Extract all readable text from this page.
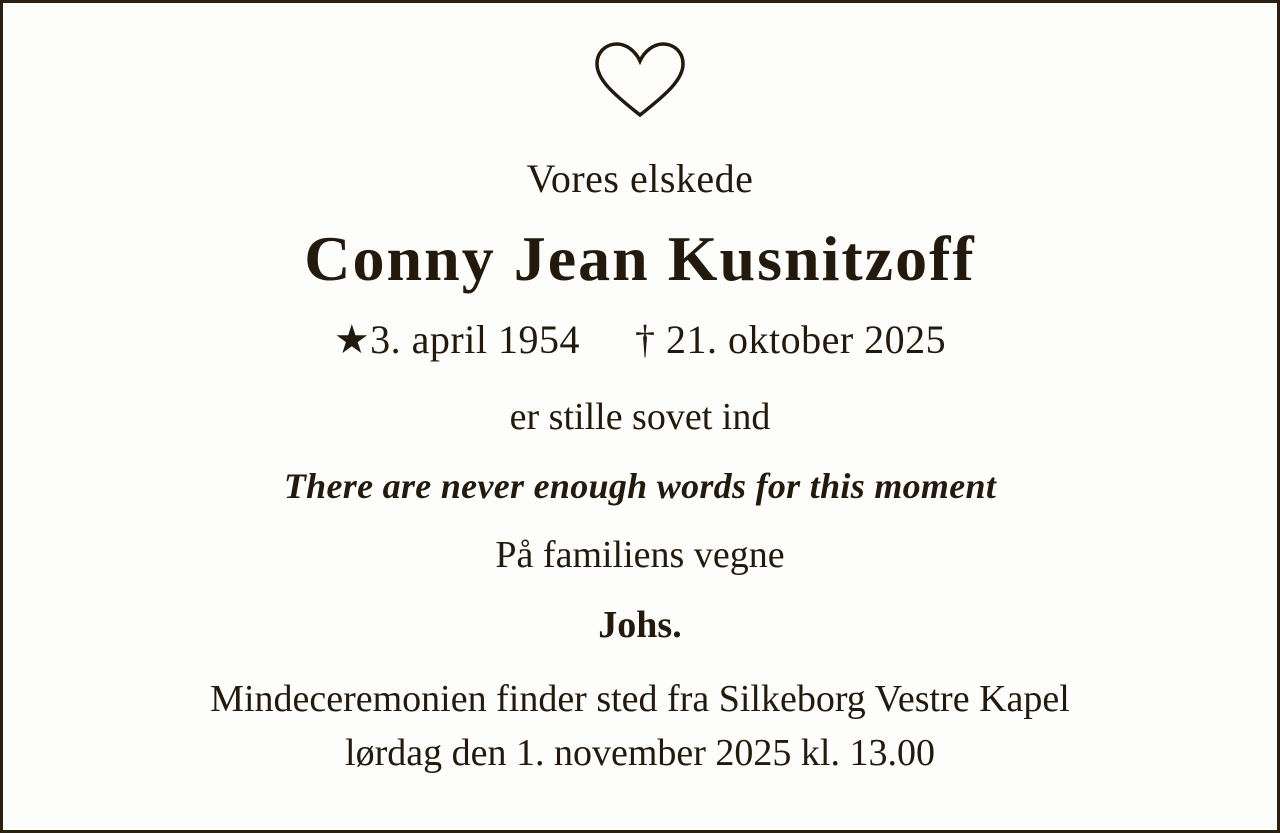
Vores elskede
Conny Jean Kusnitzoff
★3. april 1954 † 21. oktober 2025
er stille sovet ind
There are never enough words for this moment
På familiens vegne
Johs.
Mindeceremonien finder sted fra Silkeborg Vestre Kapel
lørdag den 1. november 2025 kl. 13.00
